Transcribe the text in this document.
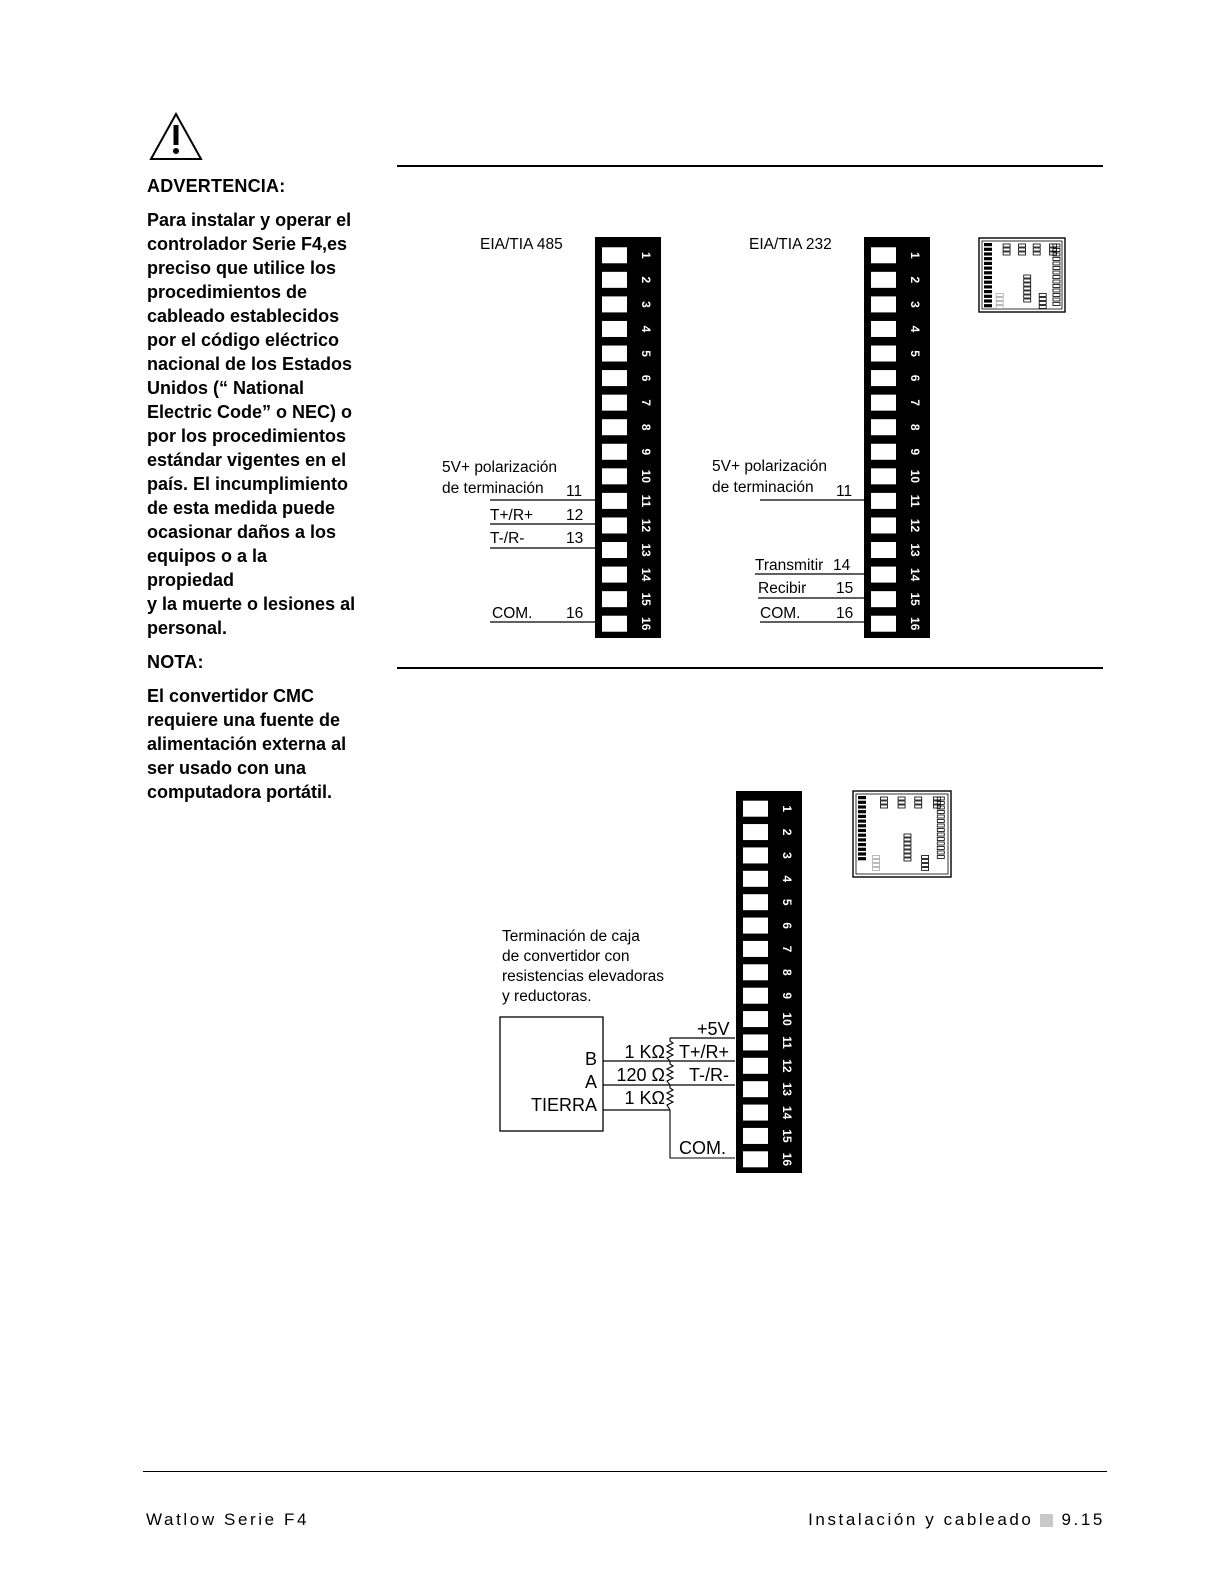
ADVERTENCIA:
Para instalar y operar el
controlador Serie F4,es
preciso que utilice los
procedimientos de
cableado establecidos
por el código eléctrico
nacional de los Estados
Unidos (“ National
Electric Code” o NEC) o
por los procedimientos
estándar vigentes en el
país. El incumplimiento
de esta medida puede
ocasionar daños a los
equipos o a la propiedad
y la muerte o lesiones al
personal.
NOTA:
El convertidor CMC
requiere una fuente de
alimentación externa al
ser usado con una
computadora portátil.
EIA/TIA 485
1
2
3
4
5
6
7
8
9
10
11
12
13
14
15
16
5V+ polarización
de terminación 11
T+/R+ 12
T-/R-	13
COM. 16
EIA/TIA 232
1
2
3
4
5
6
7
8
9
10
11
12
13
14
15
16
5V+ polarización
de terminación 11
Transmitir 14
Recibir 15
COM. 16
1
2
3
4
5
6
7
8
9
10
11
12
13
14
15
16
Terminación de caja
de convertidor con
resistencias elevadoras
y reductoras.
B
A
TIERRA
1 KΩ
120 Ω
1 KΩ
+5V
T+/R+
T-/R-
COM.
Watlow Serie F4	Instalación y cableado 9.15
